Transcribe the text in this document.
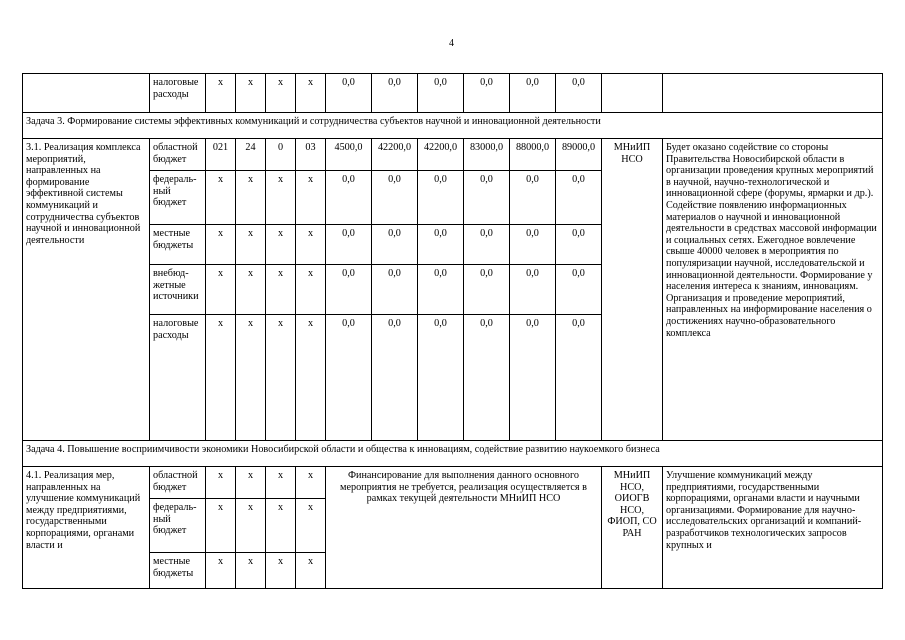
4
	налоговые расходы	х	х	х	х	0,0	0,0	0,0	0,0	0,0	0,0		
Задача 3. Формирование системы эффективных коммуникаций и сотрудничества субъектов научной и инновационной деятельности													
3.1. Реализация комплекса мероприятий, направленных на формирование эффективной системы коммуникаций и сотрудничества субъектов научной и инновационной деятельности	областной бюджет	021	24	0	03	4500,0	42200,0	42200,0	83000,0	88000,0	89000,0	МНиИП НСО	Будет оказано содействие со стороны Правительства Новосибирской области в организации проведения крупных мероприятий в научной, научно-технологической и инновационной сфере (форумы, ярмарки и др.). Содействие появлению информационных материалов о научной и инновационной деятельности в средствах массовой информации и социальных сетях. Ежегодное вовлечение свыше 40000 человек в мероприятия по популяризации научной, исследовательской и инновационной деятельности. Формирование у населения интереса к знаниям, инновациям. Организация и проведение мероприятий, направленных на информирование населения о достижениях научно-образовательного комплекса
	федераль-ный бюджет	х	х	х	х	0,0	0,0	0,0	0,0	0,0	0,0		
	местные бюджеты	х	х	х	х	0,0	0,0	0,0	0,0	0,0	0,0		
	внебюд-жетные источники	х	х	х	х	0,0	0,0	0,0	0,0	0,0	0,0		
	налоговые расходы	х	х	х	х	0,0	0,0	0,0	0,0	0,0	0,0		
Задача 4. Повышение восприимчивости экономики Новосибирской области и общества к инновациям, содействие развитию наукоемкого бизнеса													
4.1. Реализация мер, направленных на улучшение коммуникаций между предприятиями, государственными корпорациями, органами власти и	областной бюджет	х	х	х	х	Финансирование для выполнения данного основного мероприятия не требуется, реализация осуществляется в рамках текущей деятельности МНиИП НСО						МНиИП НСО, ОИОГВ НСО, ФИОП, СО РАН	Улучшение коммуникаций между предприятиями, государственными корпорациями, органами власти и научными организациями. Формирование для научно-исследовательских организаций и компаний-разработчиков технологических запросов крупных и
	федераль-ный бюджет	х	х	х	х								
	местные бюджеты	х	х	х	х								
